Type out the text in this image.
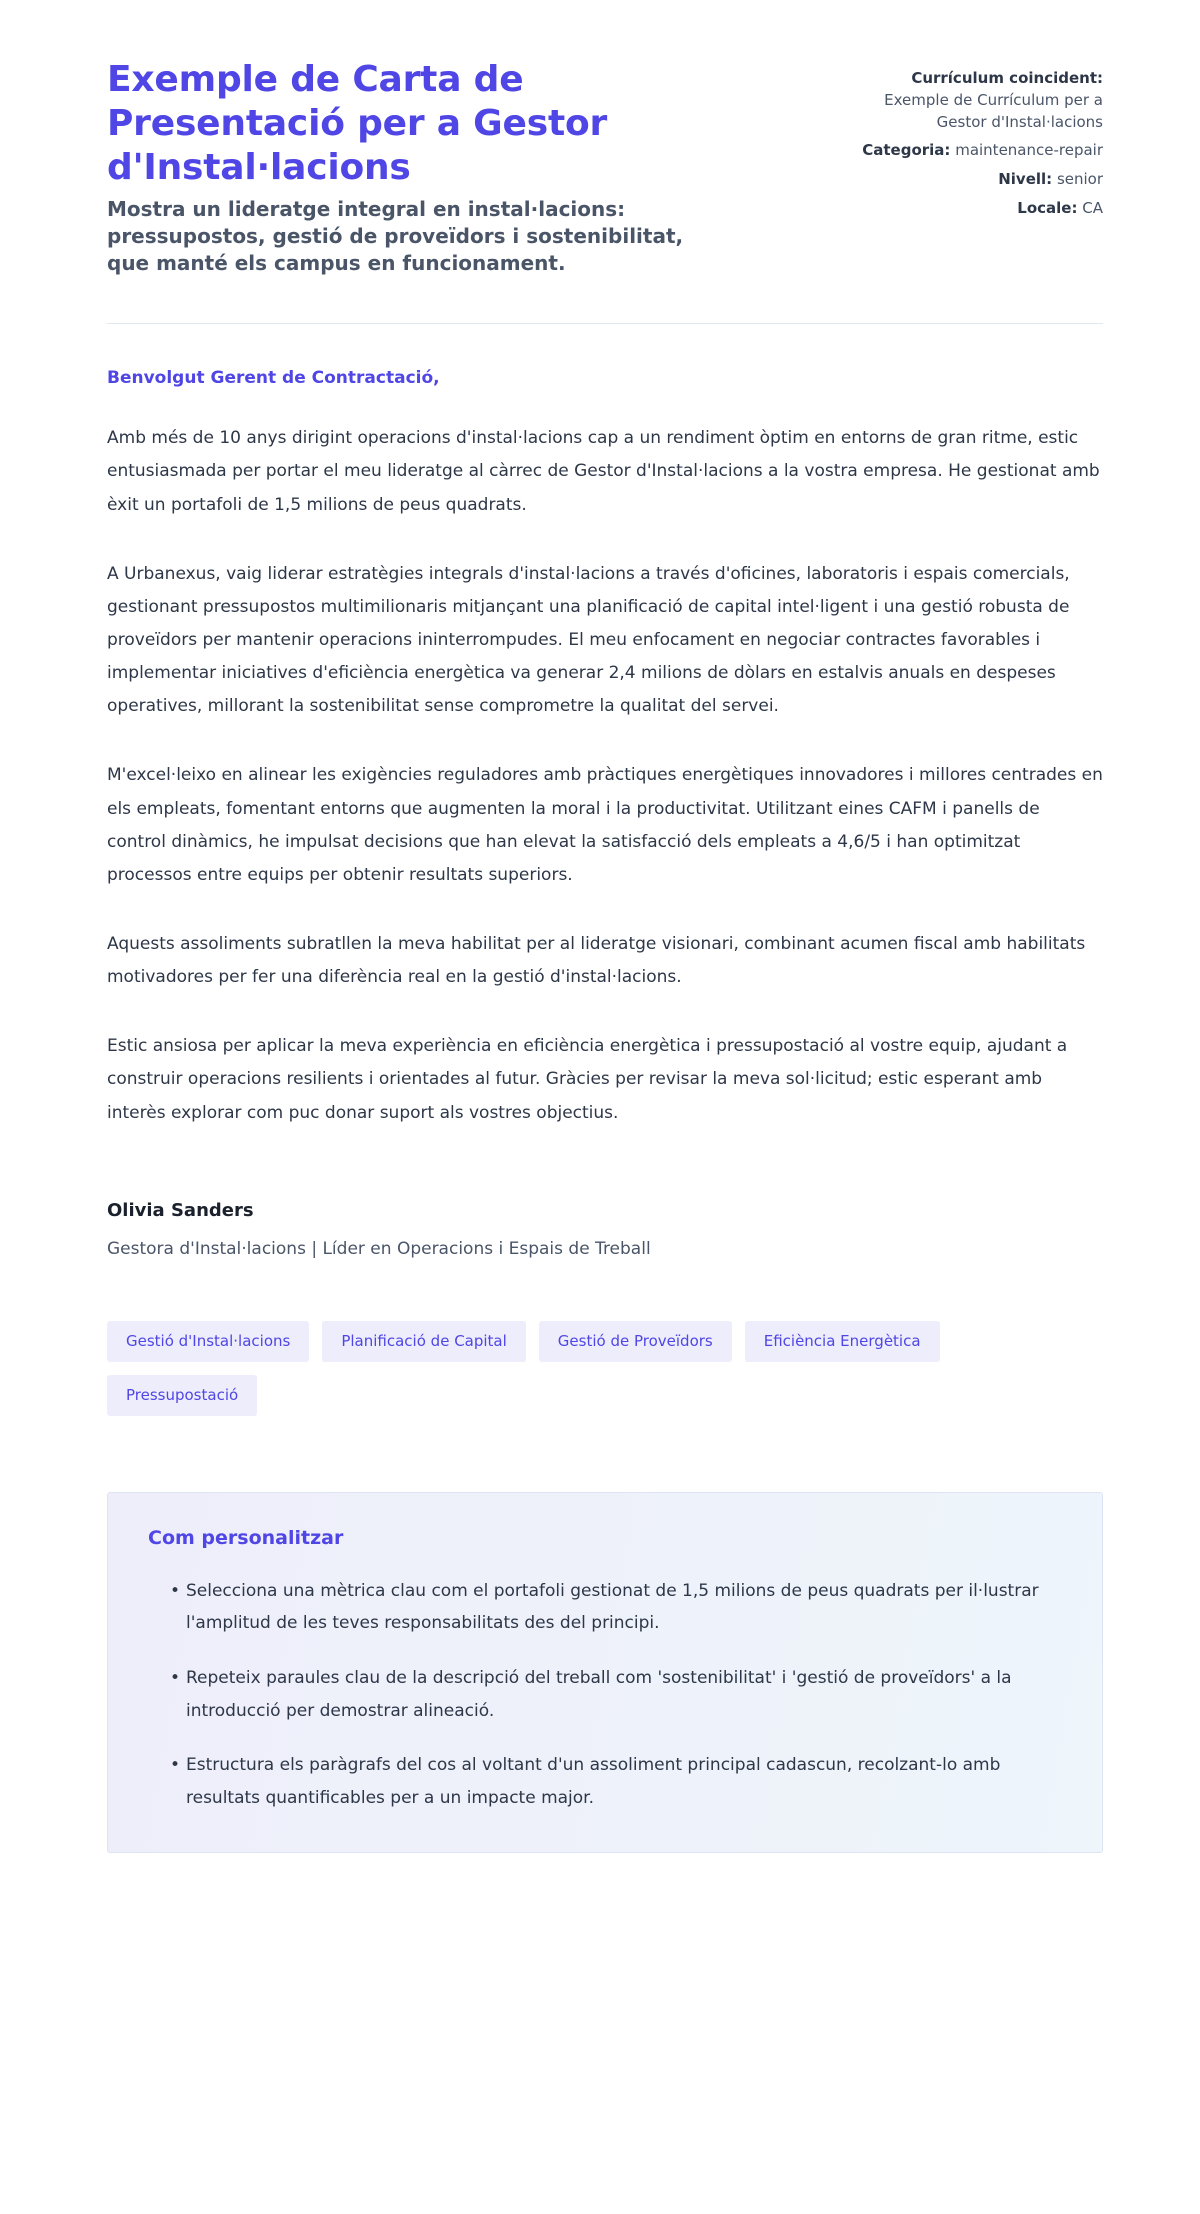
Exemple de Carta de Presentació per a Gestor d'Instal·lacions

Mostra un lideratge integral en instal·lacions: pressupostos, gestió de proveïdors i sostenibilitat, que manté els campus en funcionament.

Currículum coincident:
Exemple de Currículum per a Gestor d'Instal·lacions
Categoria: maintenance-repair
Nivell: senior
Locale: CA

Benvolgut Gerent de Contractació,

Amb més de 10 anys dirigint operacions d'instal·lacions cap a un rendiment òptim en entorns de gran ritme, estic entusiasmada per portar el meu lideratge al càrrec de Gestor d'Instal·lacions a la vostra empresa. He gestionat amb èxit un portafoli de 1,5 milions de peus quadrats.

A Urbanexus, vaig liderar estratègies integrals d'instal·lacions a través d'oficines, laboratoris i espais comercials, gestionant pressupostos multimilionaris mitjançant una planificació de capital intel·ligent i una gestió robusta de proveïdors per mantenir operacions ininterrompudes. El meu enfocament en negociar contractes favorables i implementar iniciatives d'eficiència energètica va generar 2,4 milions de dòlars en estalvis anuals en despeses operatives, millorant la sostenibilitat sense comprometre la qualitat del servei.

M'excel·leixo en alinear les exigències reguladores amb pràctiques energètiques innovadores i millores centrades en els empleats, fomentant entorns que augmenten la moral i la productivitat. Utilitzant eines CAFM i panells de control dinàmics, he impulsat decisions que han elevat la satisfacció dels empleats a 4,6/5 i han optimitzat processos entre equips per obtenir resultats superiors.

Aquests assoliments subratllen la meva habilitat per al lideratge visionari, combinant acumen fiscal amb habilitats motivadores per fer una diferència real en la gestió d'instal·lacions.

Estic ansiosa per aplicar la meva experiència en eficiència energètica i pressupostació al vostre equip, ajudant a construir operacions resilients i orientades al futur. Gràcies per revisar la meva sol·licitud; estic esperant amb interès explorar com puc donar suport als vostres objectius.

Olivia Sanders
Gestora d'Instal·lacions | Líder en Operacions i Espais de Treball
Gestió d'Instal·lacions	Planificació de Capital	Gestió de Proveïdors	Eficiència Energètica
Pressupostació
Com personalitzar
• Selecciona una mètrica clau com el portafoli gestionat de 1,5 milions de peus quadrats per il·lustrar l'amplitud de les teves responsabilitats des del principi.
• Repeteix paraules clau de la descripció del treball com 'sostenibilitat' i 'gestió de proveïdors' a la introducció per demostrar alineació.
• Estructura els paràgrafs del cos al voltant d'un assoliment principal cadascun, recolzant-lo amb resultats quantificables per a un impacte major.
